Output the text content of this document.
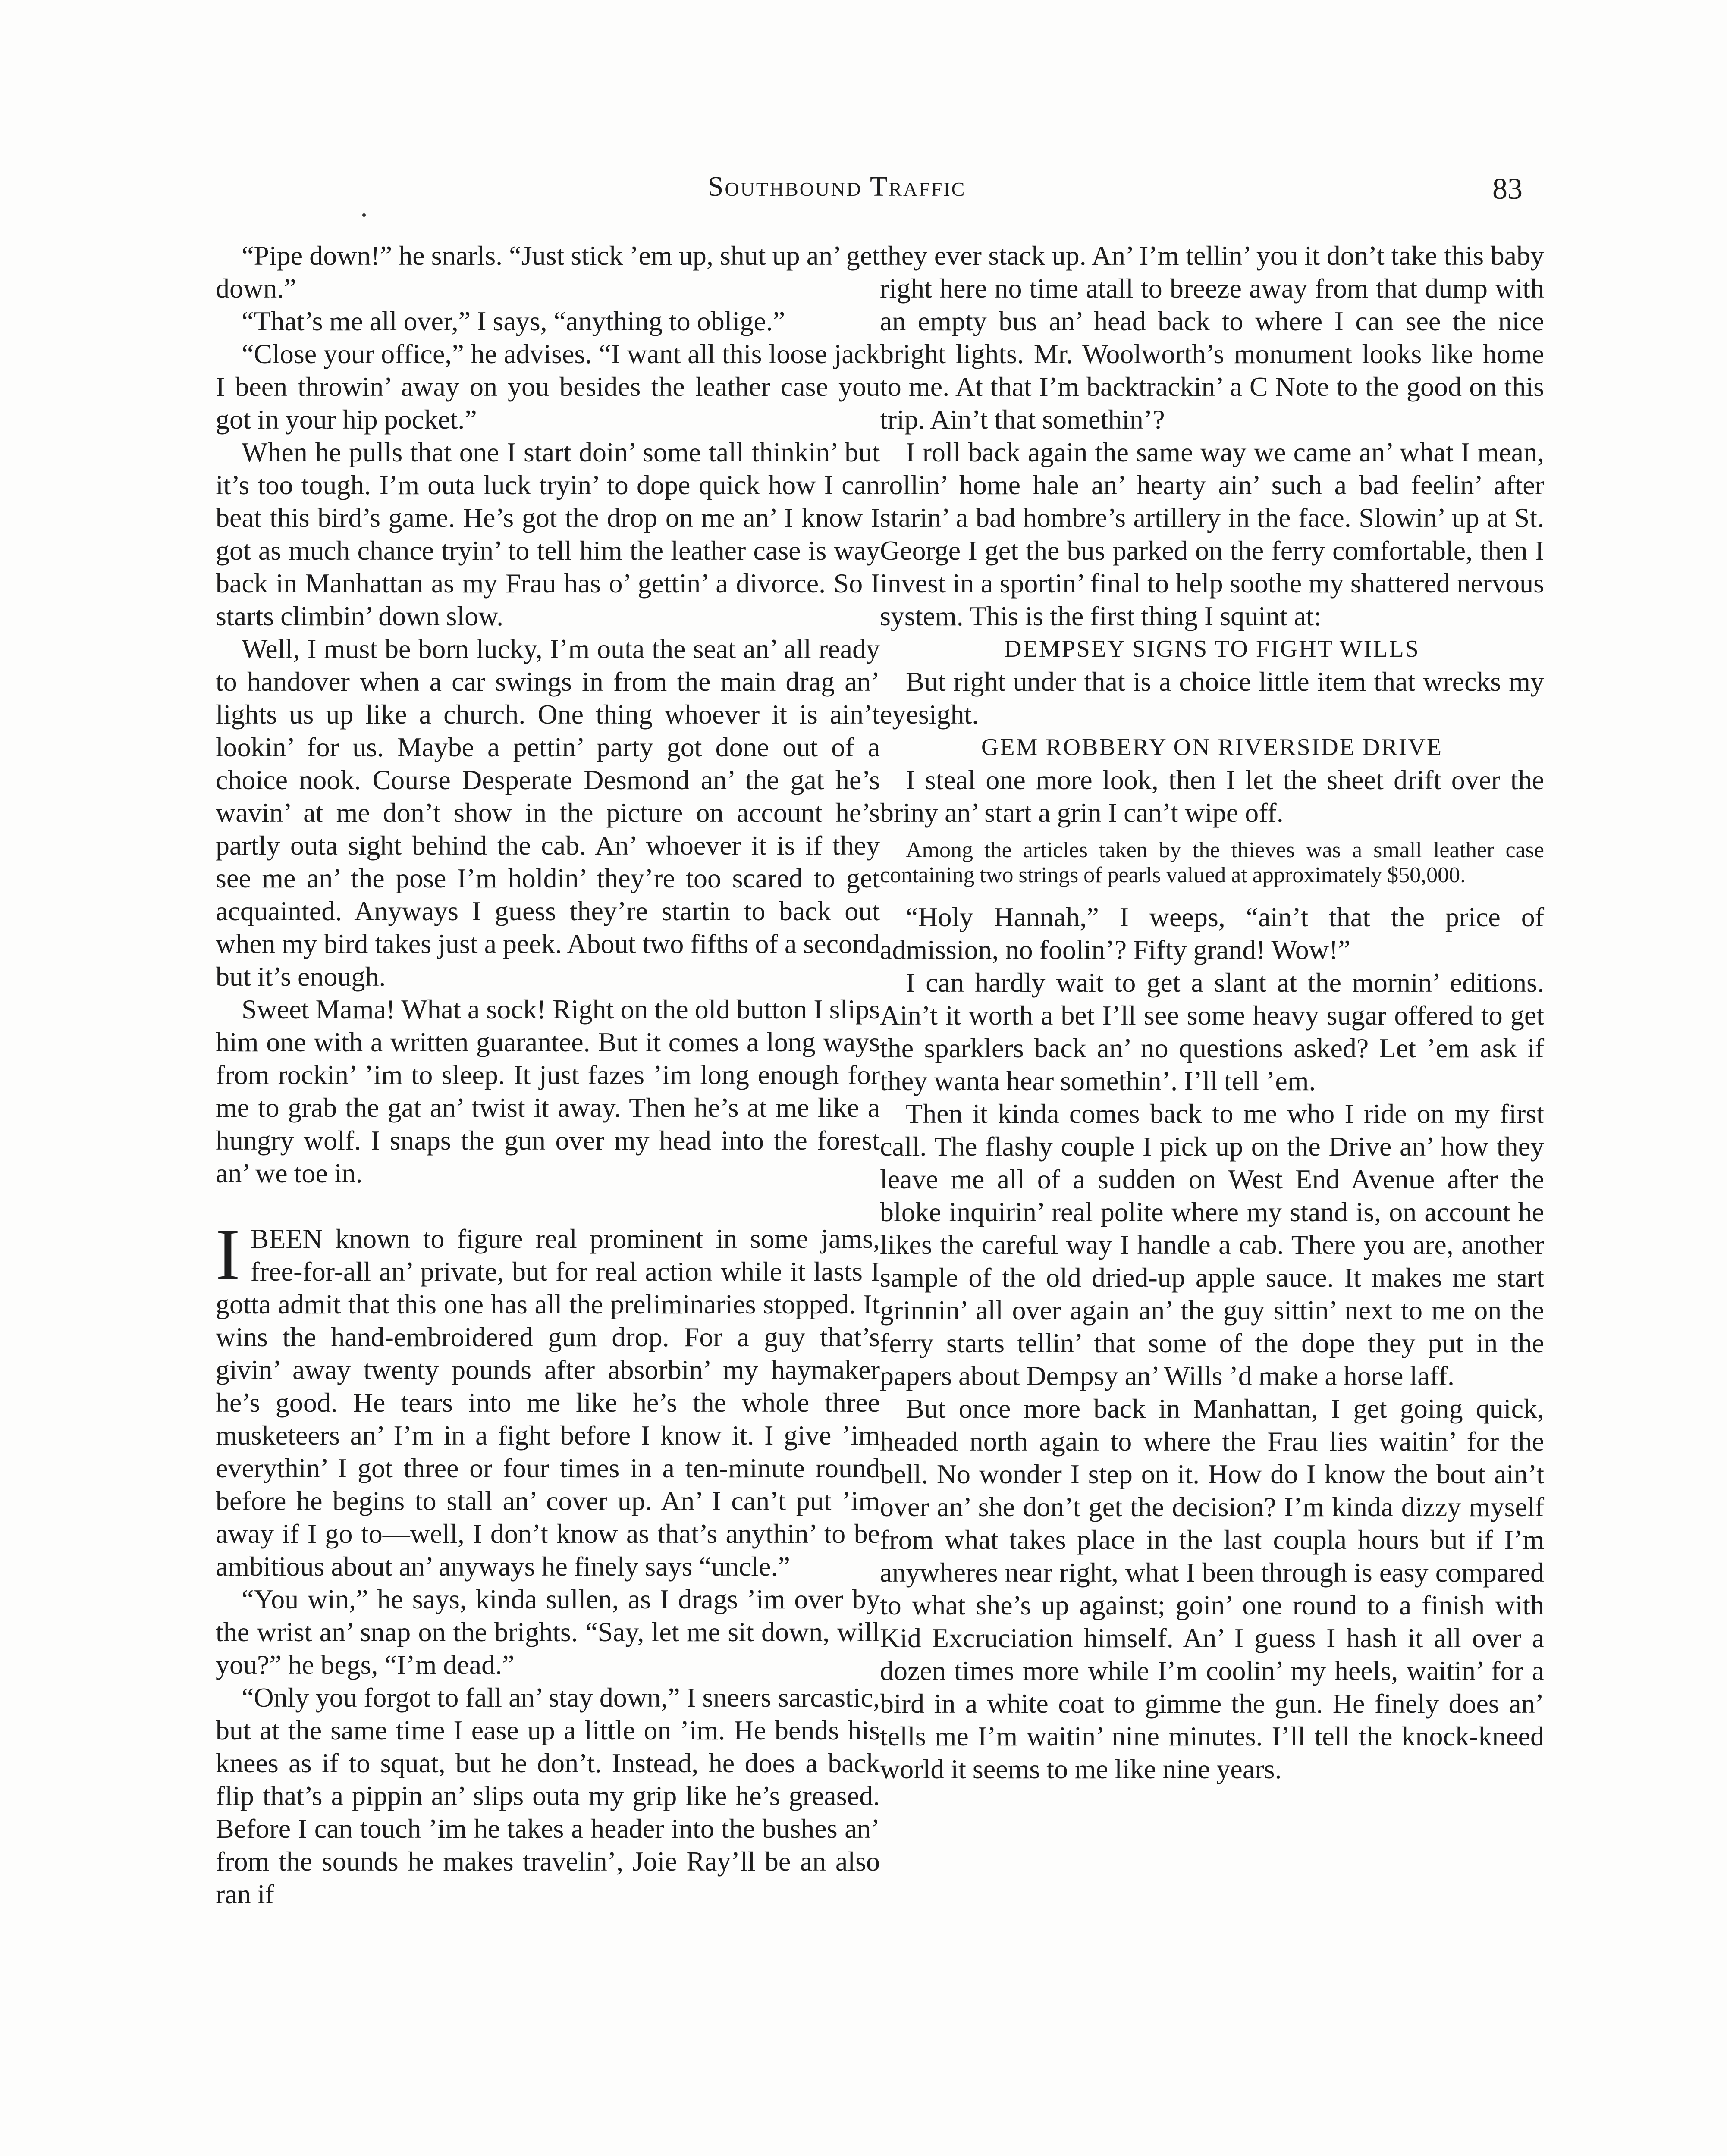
Southbound Traffic	83

“Pipe down!” he snarls. “Just stick ’em up, shut up an’ get down.”

“That’s me all over,” I says, “anything to oblige.”

“Close your office,” he advises. “I want all this loose jack I been throwin’ away on you besides the leather case you got in your hip pocket.”

When he pulls that one I start doin’ some tall thinkin’ but it’s too tough. I’m outa luck tryin’ to dope quick how I can beat this bird’s game. He’s got the drop on me an’ I know I got as much chance tryin’ to tell him the leather case is way back in Manhattan as my Frau has o’ gettin’ a divorce. So I starts climbin’ down slow.

Well, I must be born lucky, I’m outa the seat an’ all ready to handover when a car swings in from the main drag an’ lights us up like a church. One thing whoever it is ain’t lookin’ for us. Maybe a pettin’ party got done out of a choice nook. Course Desperate Desmond an’ the gat he’s wavin’ at me don’t show in the picture on account he’s partly outa sight behind the cab. An’ whoever it is if they see me an’ the pose I’m holdin’ they’re too scared to get acquainted. Anyways I guess they’re startin to back out when my bird takes just a peek. About two fifths of a second but it’s enough.

Sweet Mama! What a sock! Right on the old button I slips him one with a written guarantee. But it comes a long ways from rockin’ ’im to sleep. It just fazes ’im long enough for me to grab the gat an’ twist it away. Then he’s at me like a hungry wolf. I snaps the gun over my head into the forest an’ we toe in.

I BEEN known to figure real prominent in some jams, free-for-all an’ private, but for real action while it lasts I gotta admit that this one has all the preliminaries stopped. It wins the hand-embroidered gum drop. For a guy that’s givin’ away twenty pounds after absorbin’ my haymaker he’s good. He tears into me like he’s the whole three musketeers an’ I’m in a fight before I know it. I give ’im everythin’ I got three or four times in a ten-minute round before he begins to stall an’ cover up. An’ I can’t put ’im away if I go to—well, I don’t know as that’s anythin’ to be ambitious about an’ anyways he finely says “uncle.”

“You win,” he says, kinda sullen, as I drags ’im over by the wrist an’ snap on the brights. “Say, let me sit down, will you?” he begs, “I’m dead.”

“Only you forgot to fall an’ stay down,” I sneers sarcastic, but at the same time I ease up a little on ’im. He bends his knees as if to squat, but he don’t. Instead, he does a back flip that’s a pippin an’ slips outa my grip like he’s greased. Before I can touch ’im he takes a header into the bushes an’ from the sounds he makes travelin’, Joie Ray’ll be an also ran if

they ever stack up. An’ I’m tellin’ you it don’t take this baby right here no time atall to breeze away from that dump with an empty bus an’ head back to where I can see the nice bright lights. Mr. Woolworth’s monument looks like home to me. At that I’m backtrackin’ a C Note to the good on this trip. Ain’t that somethin’?

I roll back again the same way we came an’ what I mean, rollin’ home hale an’ hearty ain’ such a bad feelin’ after starin’ a bad hombre’s artillery in the face. Slowin’ up at St. George I get the bus parked on the ferry comfortable, then I invest in a sportin’ final to help soothe my shattered nervous system. This is the first thing I squint at:

DEMPSEY SIGNS TO FIGHT WILLS

But right under that is a choice little item that wrecks my eyesight.

GEM ROBBERY ON RIVERSIDE DRIVE

I steal one more look, then I let the sheet drift over the briny an’ start a grin I can’t wipe off.

Among the articles taken by the thieves was a small leather case containing two strings of pearls valued at approximately $50,000.

“Holy Hannah,” I weeps, “ain’t that the price of admission, no foolin’? Fifty grand! Wow!”

I can hardly wait to get a slant at the mornin’ editions. Ain’t it worth a bet I’ll see some heavy sugar offered to get the sparklers back an’ no questions asked? Let ’em ask if they wanta hear somethin’. I’ll tell ’em.

Then it kinda comes back to me who I ride on my first call. The flashy couple I pick up on the Drive an’ how they leave me all of a sudden on West End Avenue after the bloke inquirin’ real polite where my stand is, on account he likes the careful way I handle a cab. There you are, another sample of the old dried-up apple sauce. It makes me start grinnin’ all over again an’ the guy sittin’ next to me on the ferry starts tellin’ that some of the dope they put in the papers about Dempsy an’ Wills ’d make a horse laff.

But once more back in Manhattan, I get going quick, headed north again to where the Frau lies waitin’ for the bell. No wonder I step on it. How do I know the bout ain’t over an’ she don’t get the decision? I’m kinda dizzy myself from what takes place in the last coupla hours but if I’m anywheres near right, what I been through is easy compared to what she’s up against; goin’ one round to a finish with Kid Excruciation himself. An’ I guess I hash it all over a dozen times more while I’m coolin’ my heels, waitin’ for a bird in a white coat to gimme the gun. He finely does an’ tells me I’m waitin’ nine minutes. I’ll tell the knock-kneed world it seems to me like nine years.
